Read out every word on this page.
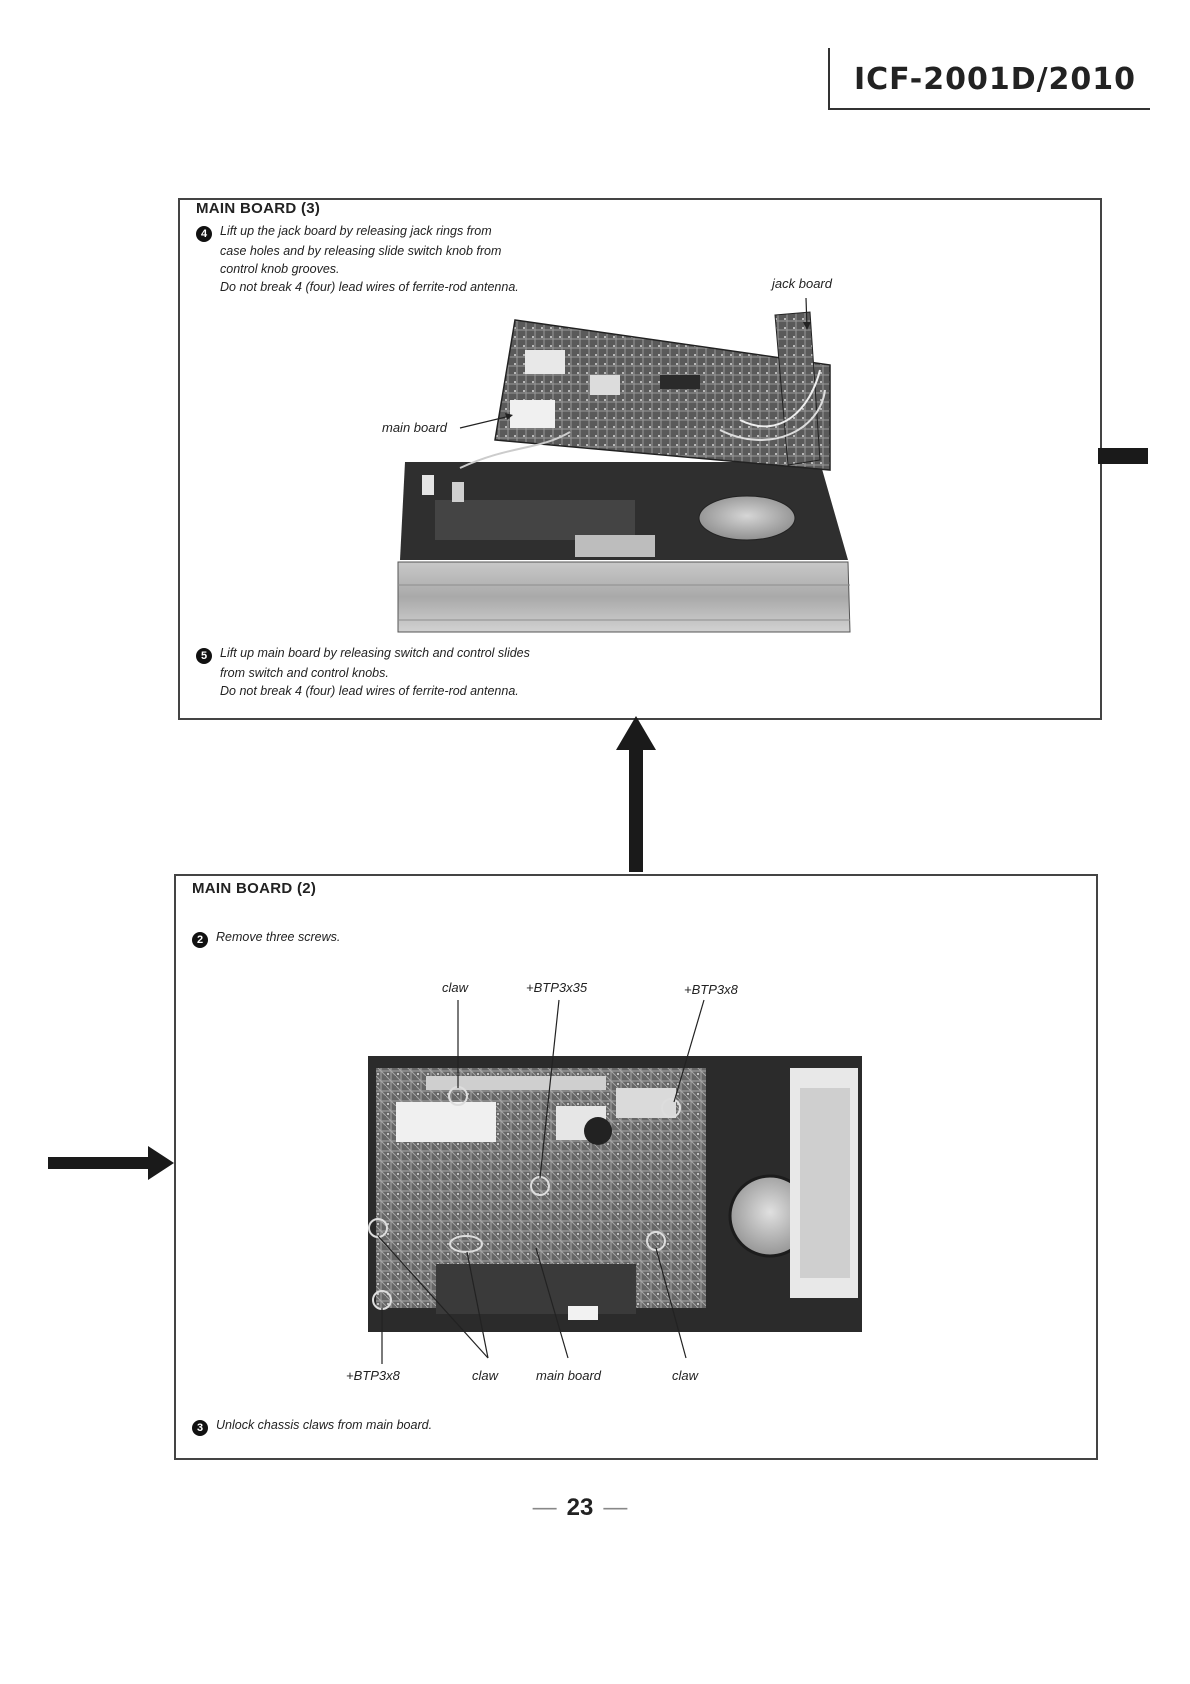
ICF-2001D/2010
MAIN BOARD (3)
4 Lift up the jack board by releasing jack rings from
case holes and by releasing slide switch knob from
control knob grooves.
Do not break 4 (four) lead wires of ferrite-rod antenna.	jack board
main board
5 Lift up main board by releasing switch and control slides
from switch and control knobs.
Do not break 4 (four) lead wires of ferrite-rod antenna.
MAIN BOARD (2)
2 Remove three screws.
claw	+BTP3x35	+BTP3x8
+BTP3x8	claw	main board	claw
3 Unlock chassis claws from main board.
— 23 —
